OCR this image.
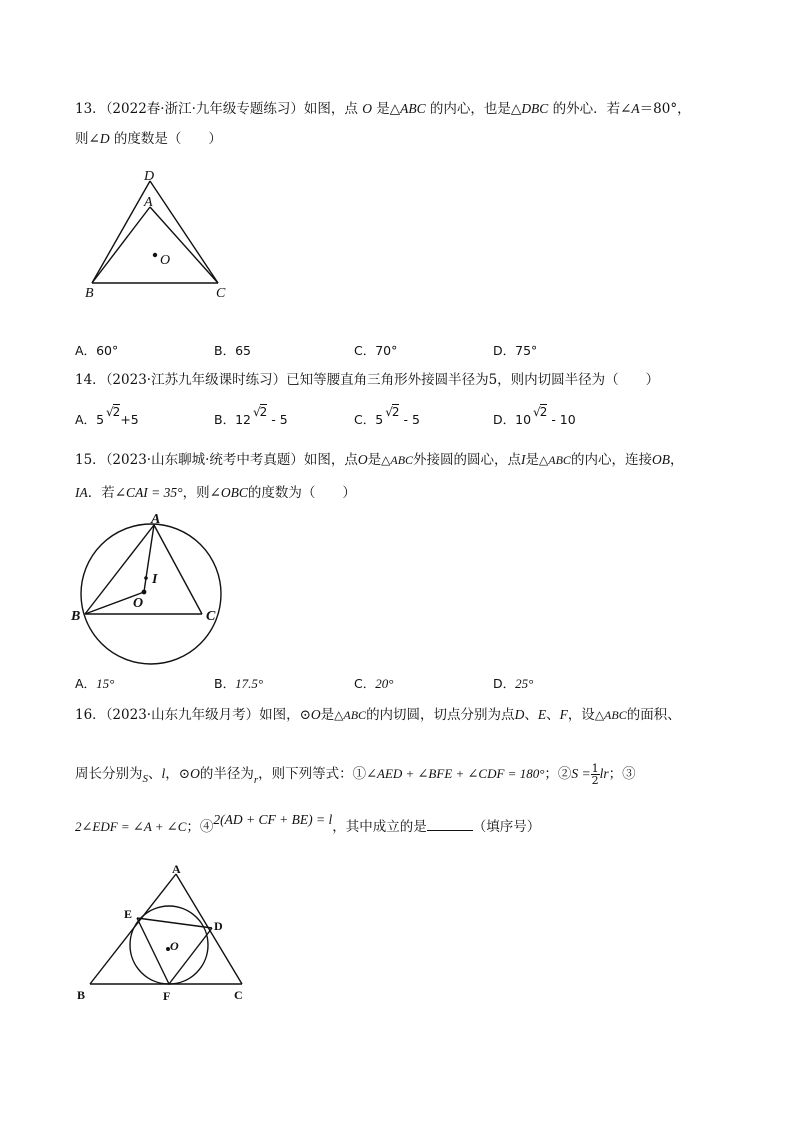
13．（2022春·浙江·九年级专题练习）如图，点 O 是△ABC 的内心，也是△DBC 的外心．若∠A＝80°，
则∠D 的度数是（　　）
D
A
O
B	C
A．60°	B．65	C．70°	D．75°
14．（2023·江苏九年级课时练习）已知等腰直角三角形外接圆半径为5，则内切圆半径为（　　）
A．5 √ 2+5	B．12 √ 2 - 5	C．5 √ 2 - 5	D．10 √ 2 - 10
15．（2023·山东聊城·统考中考真题）如图，点O是△ABC外接圆的圆心，点I是△ABC的内心，连接OB，
IA．若∠CAI = 35°，则∠OBC的度数为（　　）
A
I
O
B	C
A．15°	B．17.5°	C．20°	D．25°
16．（2023·山东九年级月考）如图，⊙O是△ABC的内切圆，切点分别为点D、E、F，设△ABC的面积、
周长分别为$_S$、l，⊙O的半径为$_r$，则下列等式：①∠AED + ∠BFE + ∠CDF = 180°；②S = $\frac{1}{2}$ lr；③
2∠EDF = ∠A + ∠C；④2(AD + CF + BE) = l，其中成立的是	（填序号）
A
E
D
O
B	F	C
